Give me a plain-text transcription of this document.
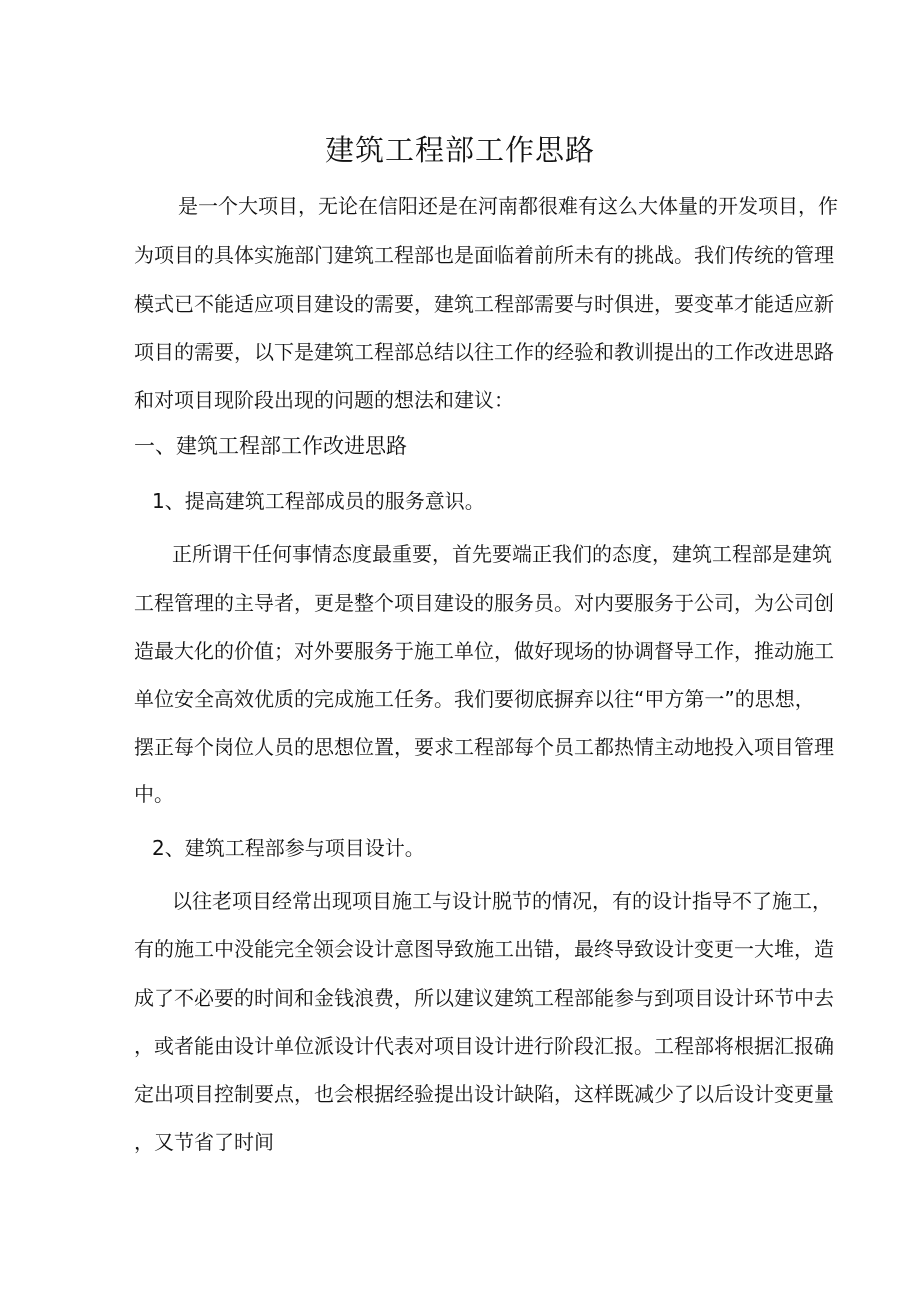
建筑工程部工作思路
是一个大项目，无论在信阳还是在河南都很难有这么大体量的开发项目，作
为项目的具体实施部门建筑工程部也是面临着前所未有的挑战。我们传统的管理
模式已不能适应项目建设的需要，建筑工程部需要与时俱进，要变革才能适应新
项目的需要，以下是建筑工程部总结以往工作的经验和教训提出的工作改进思路
和对项目现阶段出现的问题的想法和建议：
一、建筑工程部工作改进思路
1、提高建筑工程部成员的服务意识。
正所谓干任何事情态度最重要，首先要端正我们的态度，建筑工程部是建筑
工程管理的主导者，更是整个项目建设的服务员。对内要服务于公司，为公司创
造最大化的价值；对外要服务于施工单位，做好现场的协调督导工作，推动施工
单位安全高效优质的完成施工任务。我们要彻底摒弃以往“甲方第一”的思想，
摆正每个岗位人员的思想位置，要求工程部每个员工都热情主动地投入项目管理
中。
2、建筑工程部参与项目设计。
以往老项目经常出现项目施工与设计脱节的情况，有的设计指导不了施工，
有的施工中没能完全领会设计意图导致施工出错，最终导致设计变更一大堆，造
成了不必要的时间和金钱浪费，所以建议建筑工程部能参与到项目设计环节中去
，或者能由设计单位派设计代表对项目设计进行阶段汇报。工程部将根据汇报确
定出项目控制要点，也会根据经验提出设计缺陷，这样既减少了以后设计变更量
，又节省了时间
